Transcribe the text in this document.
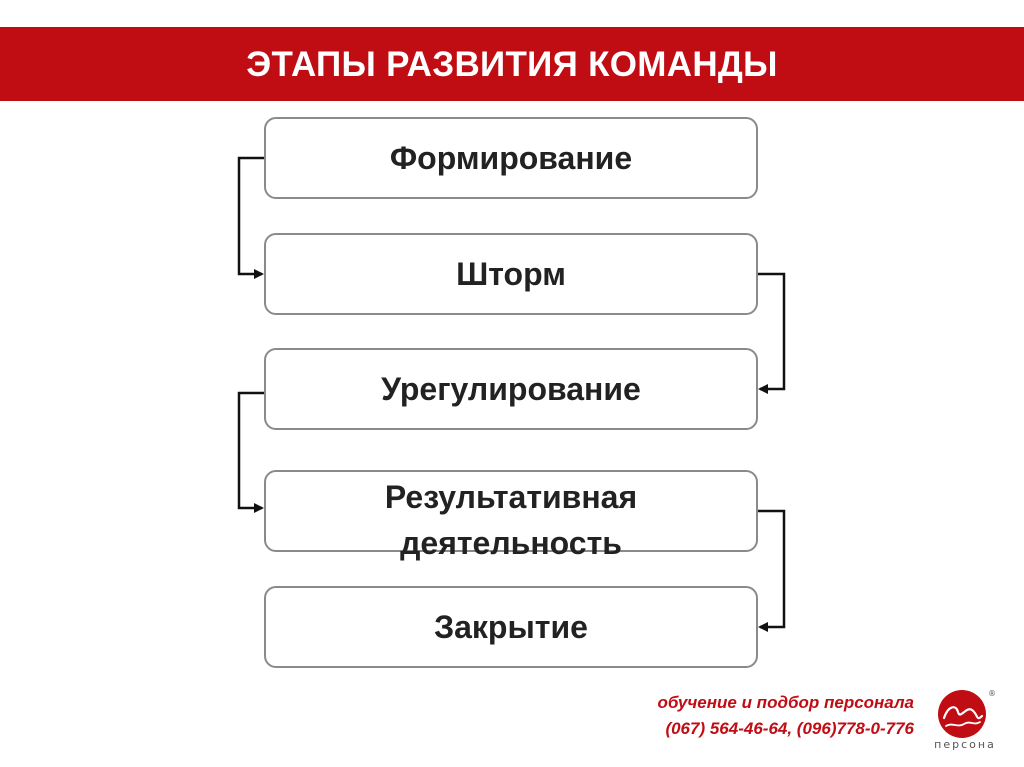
ЭТАПЫ РАЗВИТИЯ КОМАНДЫ
Формирование
Шторм
Урегулирование
Результативная деятельность
Закрытие
обучение и подбор персонала
(067) 564-46-64, (096)778-0-776
®
персона
